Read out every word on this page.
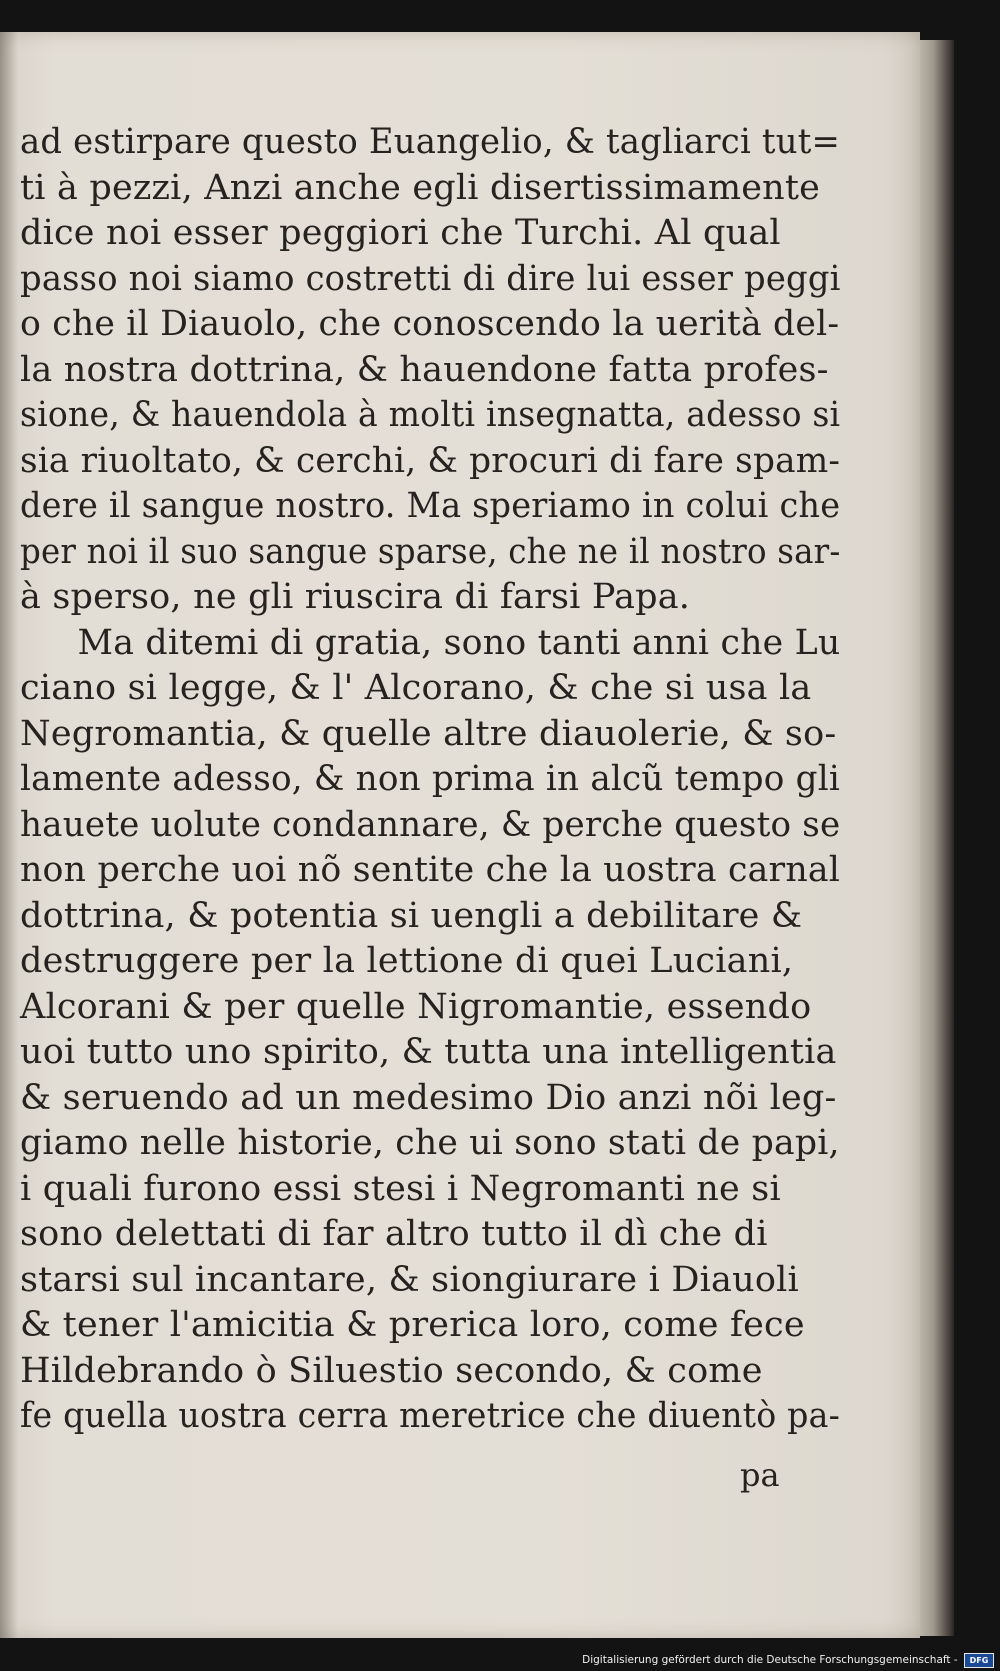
ad estirpare questo Euangelio, & tagliarci tut=
ti à pezzi, Anzi anche egli disertissimamente
dice noi esser peggiori che Turchi. Al qual
passo noi siamo costretti di dire lui esser peggi
o che il Diauolo, che conoscendo la uerità del-
la nostra dottrina, & hauendone fatta profes-
sione, & hauendola à molti insegnatta, adesso si
sia riuoltato, & cerchi, & procuri di fare spam-
dere il sangue nostro. Ma speriamo in colui che
per noi il suo sangue sparse, che ne il nostro sar-
à sperso, ne gli riuscira di farsi Papa.
Ma ditemi di gratia, sono tanti anni che Lu
ciano si legge, & l' Alcorano, & che si usa la
Negromantia, & quelle altre diauolerie, & so-
lamente adesso, & non prima in alcũ tempo gli
hauete uolute condannare, & perche questo se
non perche uoi nõ sentite che la uostra carnal
dottrina, & potentia si uengli a debilitare &
destruggere per la lettione di quei Luciani,
Alcorani & per quelle Nigromantie, essendo
uoi tutto uno spirito, & tutta una intelligentia
& seruendo ad un medesimo Dio anzi nõi leg-
giamo nelle historie, che ui sono stati de papi,
i quali furono essi stesi i Negromanti ne si
sono delettati di far altro tutto il dì che di
starsi sul incantare, & siongiurare i Diauoli
& tener l'amicitia & prerica loro, come fece
Hildebrando ò Siluestio secondo, & come
fe quella uostra cerra meretrice che diuentò pa-
pa
Digitalisierung gefördert durch die Deutsche Forschungsgemeinschaft - DFG
